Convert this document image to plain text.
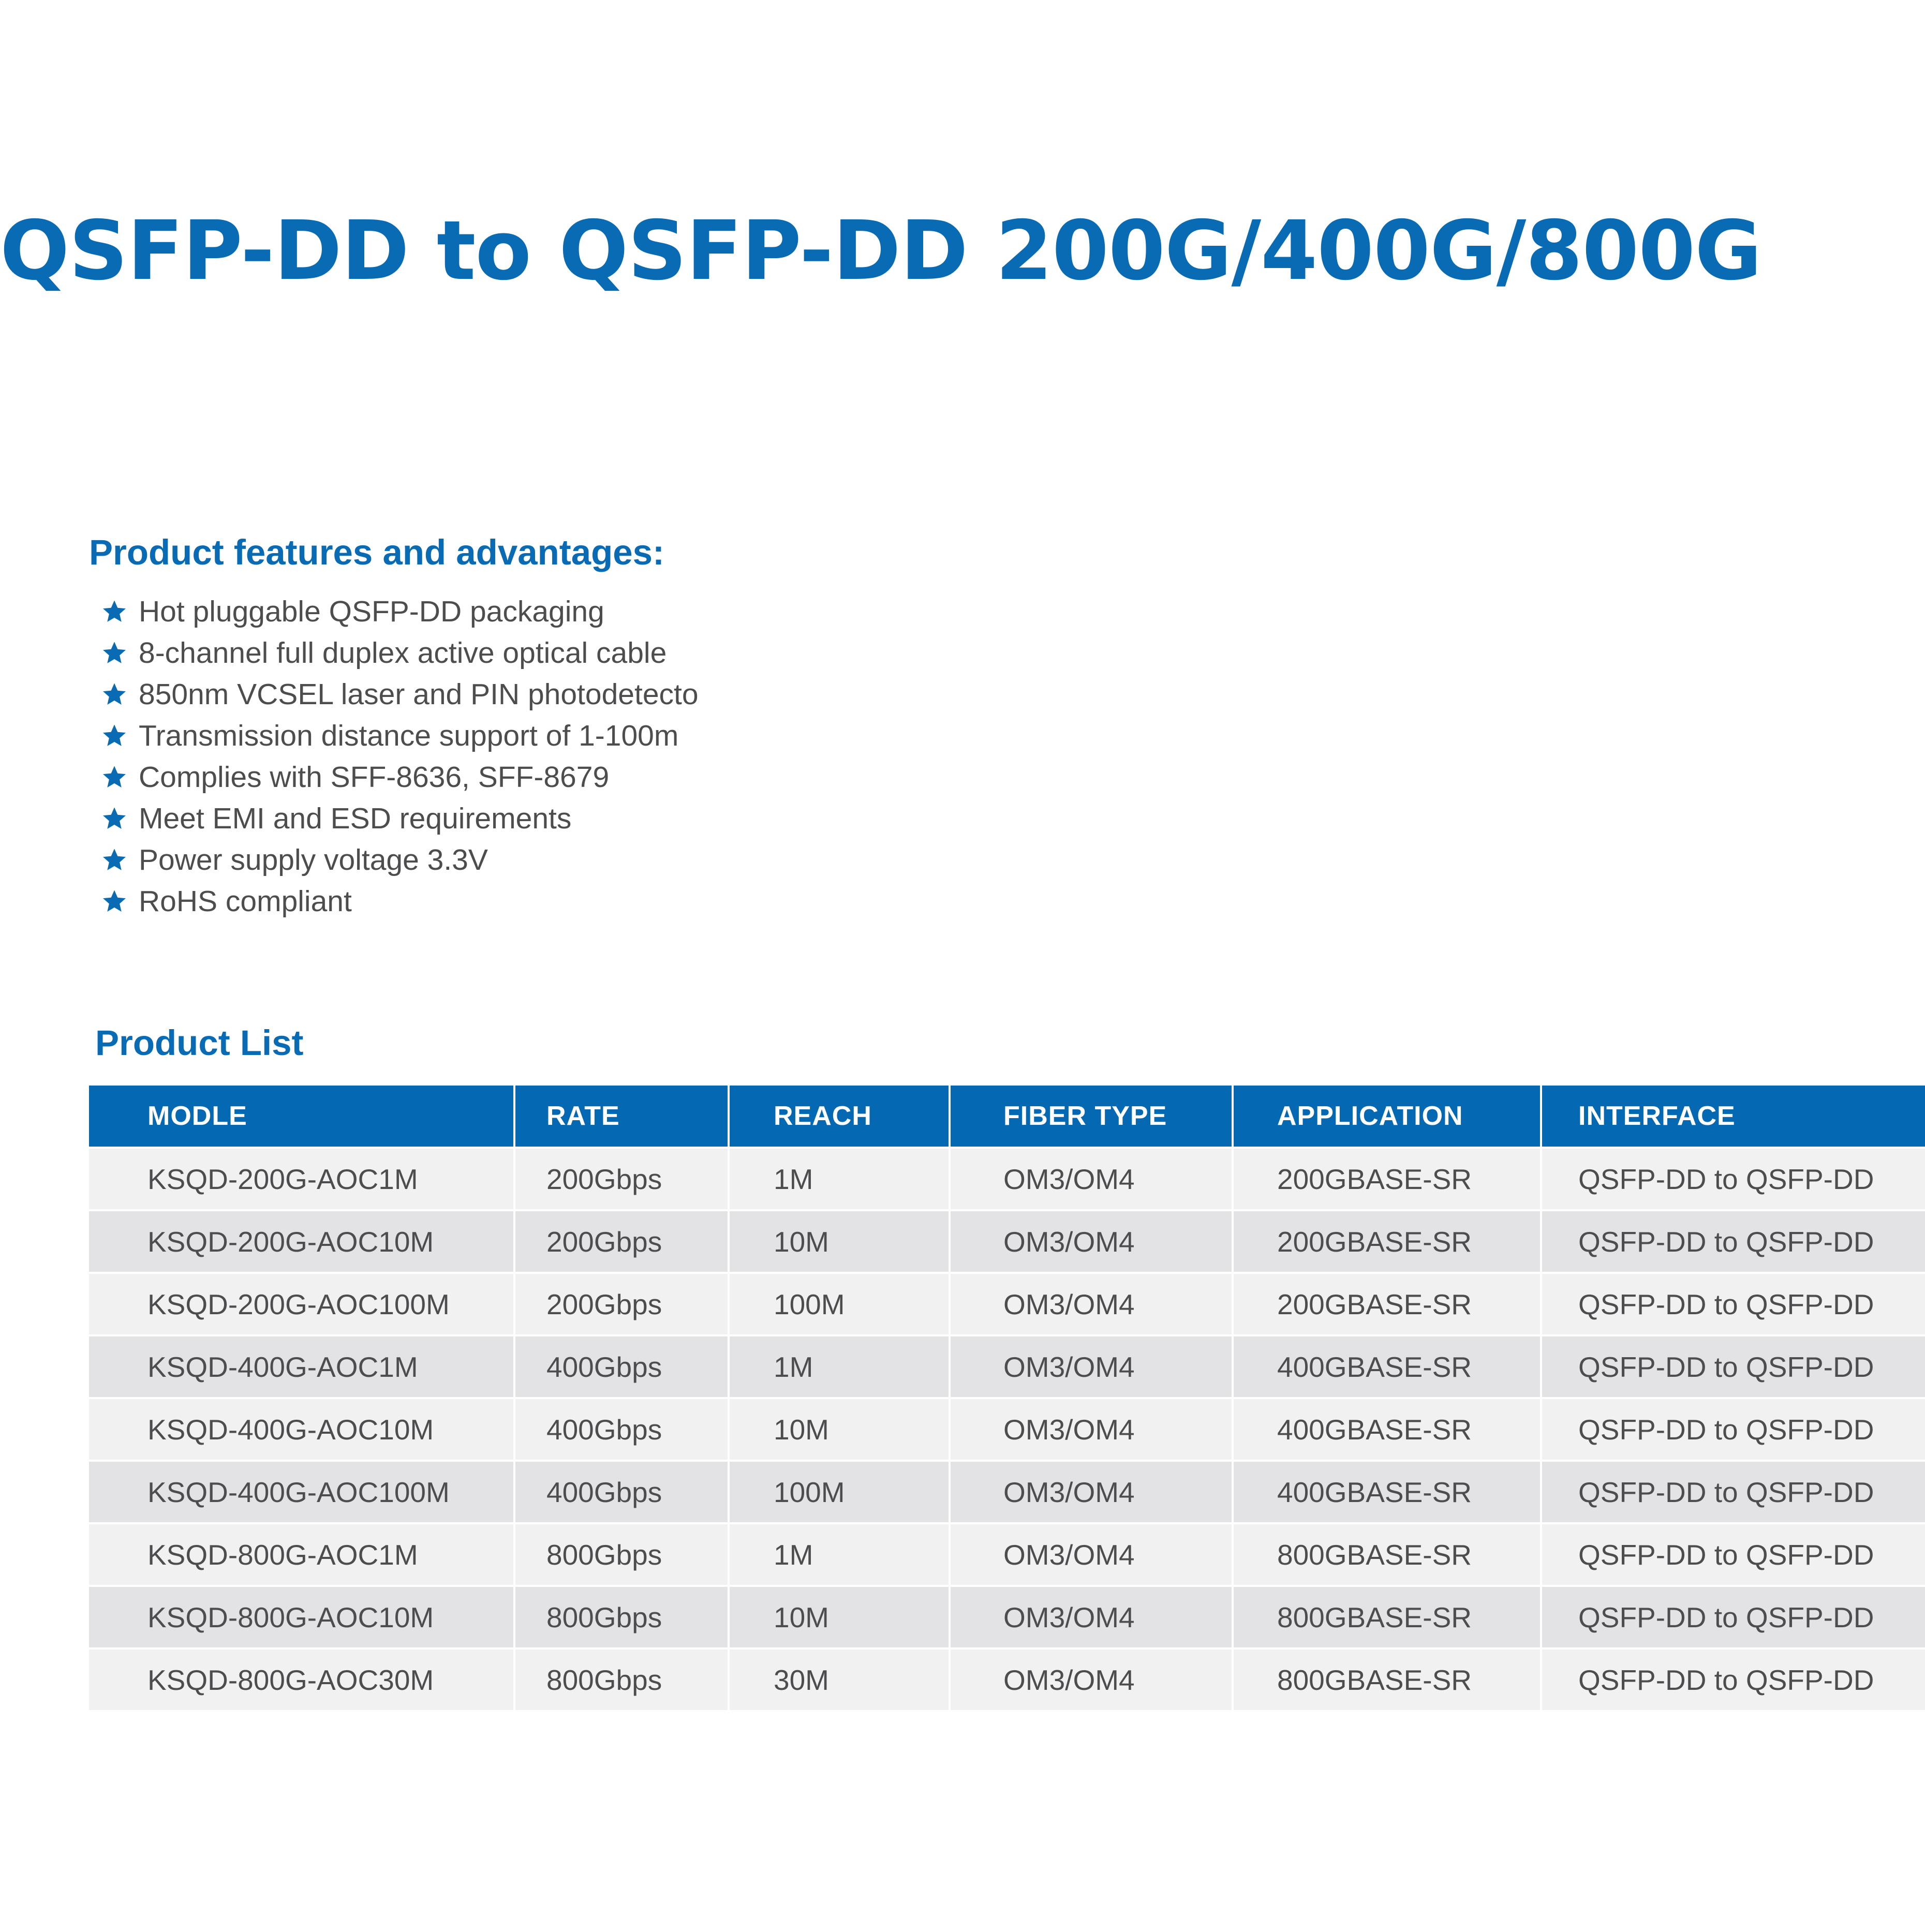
QSFP-DD to QSFP-DD 200G/400G/800G
Product features and advantages:
Hot pluggable QSFP-DD packaging
8-channel full duplex active optical cable
850nm VCSEL laser and PIN photodetecto
Transmission distance support of 1-100m
Complies with SFF-8636, SFF-8679
Meet EMI and ESD requirements
Power supply voltage 3.3V
RoHS compliant
Product List
MODLE	RATE	REACH	FIBER TYPE	APPLICATION	INTERFACE
KSQD-200G-AOC1M	200Gbps	1M	OM3/OM4	200GBASE-SR	QSFP-DD to QSFP-DD
KSQD-200G-AOC10M	200Gbps	10M	OM3/OM4	200GBASE-SR	QSFP-DD to QSFP-DD
KSQD-200G-AOC100M	200Gbps	100M	OM3/OM4	200GBASE-SR	QSFP-DD to QSFP-DD
KSQD-400G-AOC1M	400Gbps	1M	OM3/OM4	400GBASE-SR	QSFP-DD to QSFP-DD
KSQD-400G-AOC10M	400Gbps	10M	OM3/OM4	400GBASE-SR	QSFP-DD to QSFP-DD
KSQD-400G-AOC100M	400Gbps	100M	OM3/OM4	400GBASE-SR	QSFP-DD to QSFP-DD
KSQD-800G-AOC1M	800Gbps	1M	OM3/OM4	800GBASE-SR	QSFP-DD to QSFP-DD
KSQD-800G-AOC10M	800Gbps	10M	OM3/OM4	800GBASE-SR	QSFP-DD to QSFP-DD
KSQD-800G-AOC30M	800Gbps	30M	OM3/OM4	800GBASE-SR	QSFP-DD to QSFP-DD
